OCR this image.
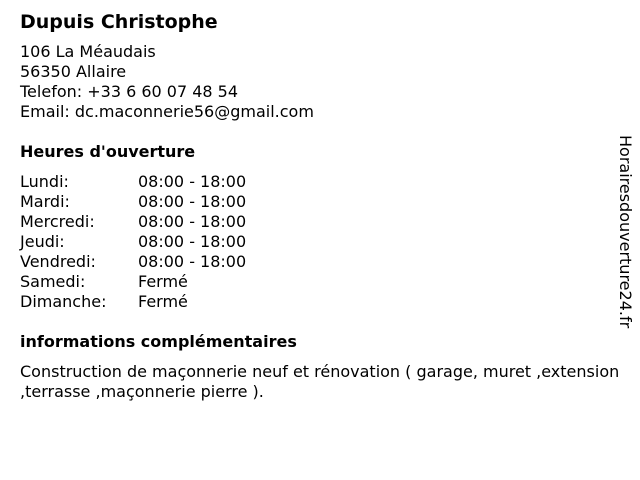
Dupuis Christophe
106 La Méaudais
56350 Allaire
Telefon: +33 6 60 07 48 54
Email: dc.maconnerie56@gmail.com
Heures d'ouverture
Lundi:	08:00 - 18:00
Mardi:	08:00 - 18:00
Mercredi:	08:00 - 18:00
Jeudi:	08:00 - 18:00
Vendredi:	08:00 - 18:00
Samedi:	Fermé
Dimanche:	Fermé
informations complémentaires
Construction de maçonnerie neuf et rénovation ( garage, muret ,extension ,terrasse ,maçonnerie pierre ).
Horairesdouverture24.fr
